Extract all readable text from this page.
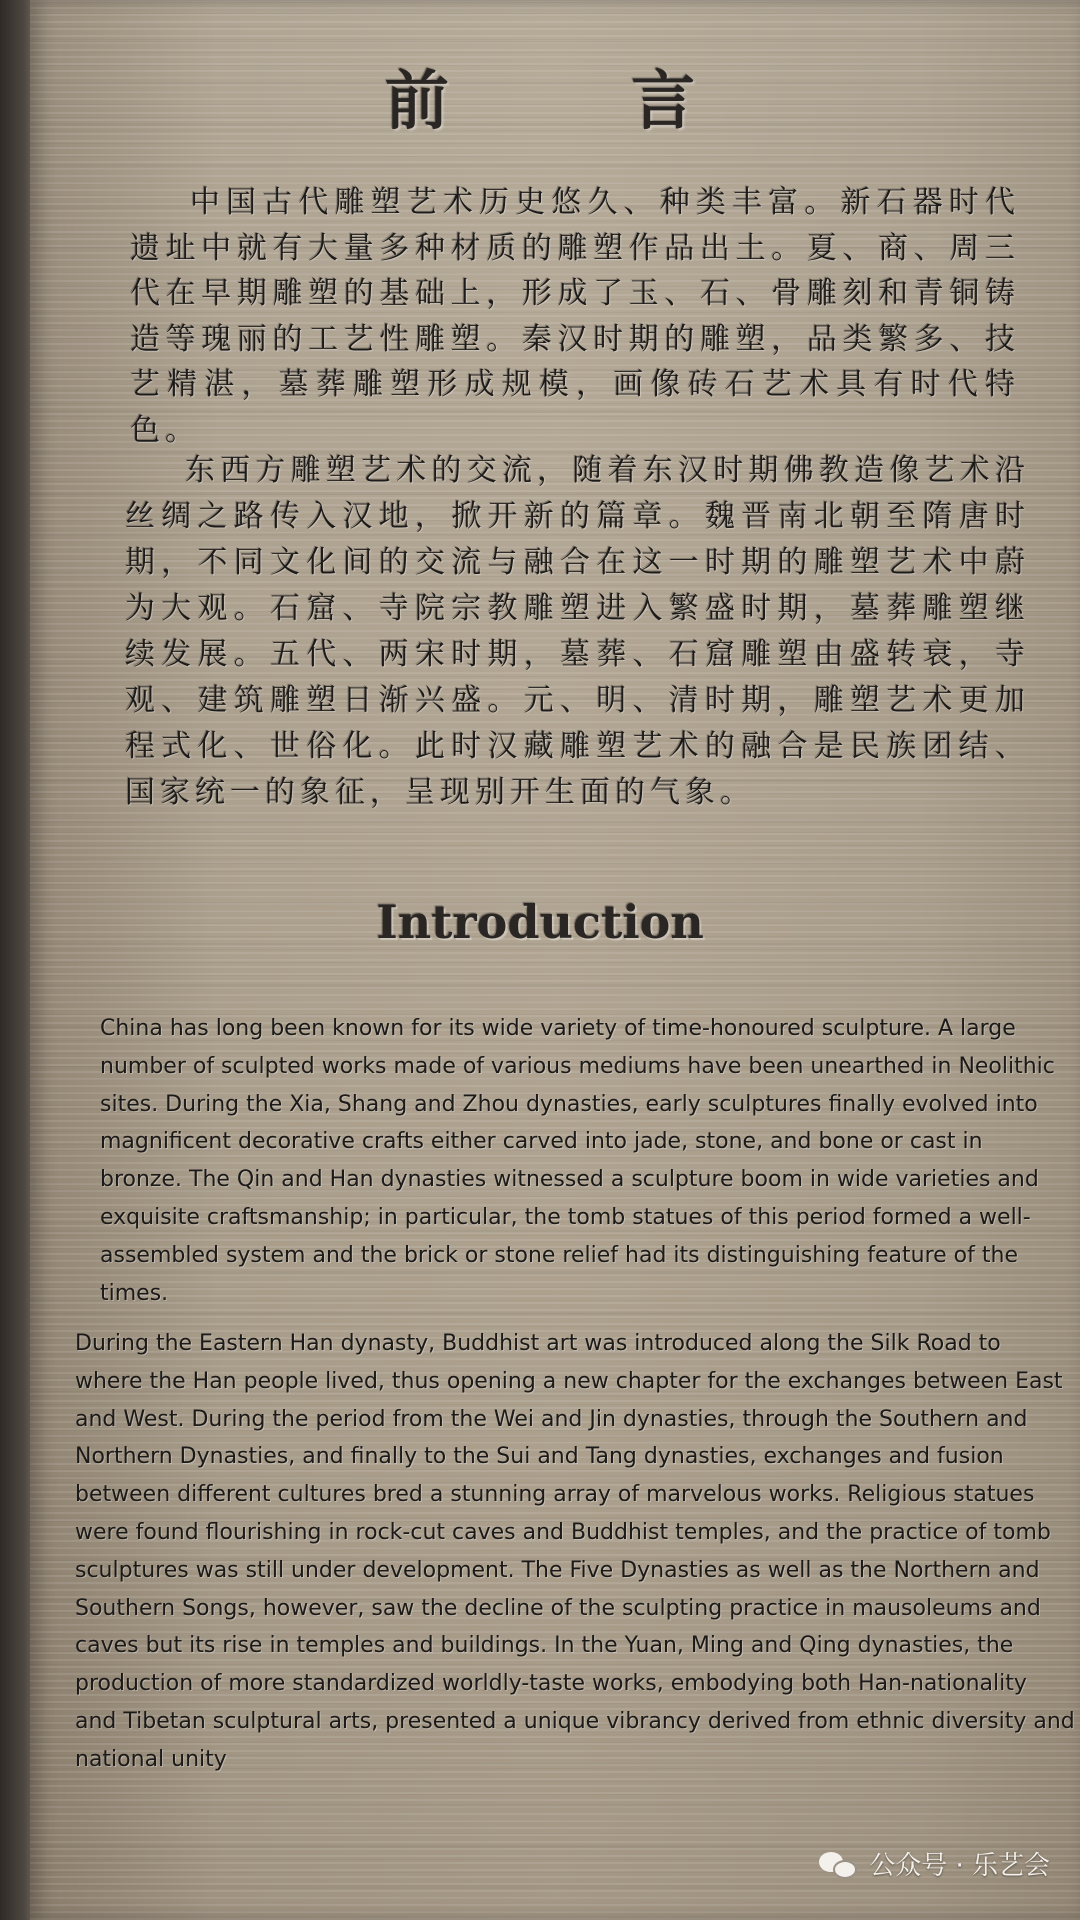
前 言

中国古代雕塑艺术历史悠久、种类丰富。新石器时代遗址中就有大量多种材质的雕塑作品出土。夏、商、周三代在早期雕塑的基础上，形成了玉、石、骨雕刻和青铜铸造等瑰丽的工艺性雕塑。秦汉时期的雕塑，品类繁多、技艺精湛，墓葬雕塑形成规模，画像砖石艺术具有时代特色。

东西方雕塑艺术的交流，随着东汉时期佛教造像艺术沿丝绸之路传入汉地，掀开新的篇章。魏晋南北朝至隋唐时期，不同文化间的交流与融合在这一时期的雕塑艺术中蔚为大观。石窟、寺院宗教雕塑进入繁盛时期，墓葬雕塑继续发展。五代、两宋时期，墓葬、石窟雕塑由盛转衰，寺观、建筑雕塑日渐兴盛。元、明、清时期，雕塑艺术更加程式化、世俗化。此时汉藏雕塑艺术的融合是民族团结、国家统一的象征，呈现别开生面的气象。

Introduction

China has long been known for its wide variety of time-honoured sculpture. A large number of sculpted works made of various mediums have been unearthed in Neolithic sites. During the Xia, Shang and Zhou dynasties, early sculptures finally evolved into magnificent decorative crafts either carved into jade, stone, and bone or cast in bronze. The Qin and Han dynasties witnessed a sculpture boom in wide varieties and exquisite craftsmanship; in particular, the tomb statues of this period formed a well-assembled system and the brick or stone relief had its distinguishing feature of the times.

During the Eastern Han dynasty, Buddhist art was introduced along the Silk Road to where the Han people lived, thus opening a new chapter for the exchanges between East and West. During the period from the Wei and Jin dynasties, through the Southern and Northern Dynasties, and finally to the Sui and Tang dynasties, exchanges and fusion between different cultures bred a stunning array of marvelous works. Religious statues were found flourishing in rock-cut caves and Buddhist temples, and the practice of tomb sculptures was still under development. The Five Dynasties as well as the Northern and Southern Songs, however, saw the decline of the sculpting practice in mausoleums and caves but its rise in temples and buildings. In the Yuan, Ming and Qing dynasties, the production of more standardized worldly-taste works, embodying both Han-nationality and Tibetan sculptural arts, presented a unique vibrancy derived from ethnic diversity and national unity

公众号 · 乐艺会
